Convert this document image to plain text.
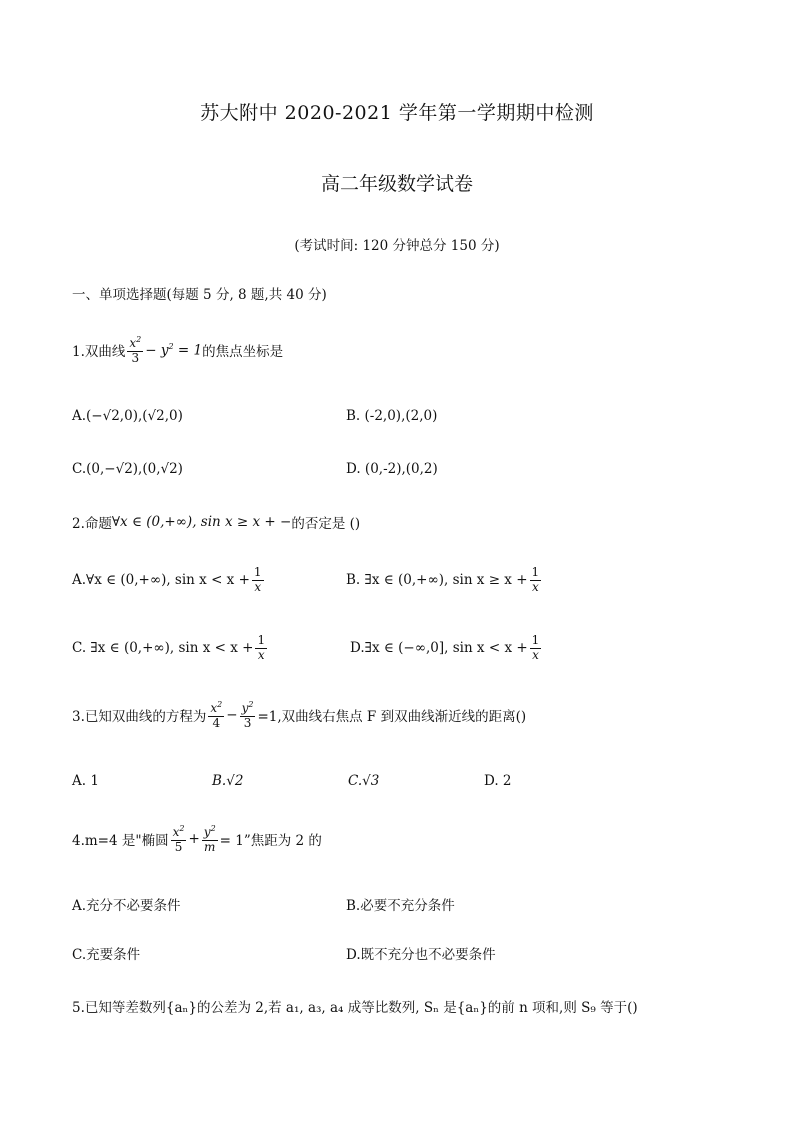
苏大附中 2020-2021 学年第一学期期中检测
高二年级数学试卷
(考试时间: 120 分钟总分 150 分)
一、单项选择题(每题 5 分, 8 题,共 40 分)
1.双曲线 $\frac{x^2}{3} - y^2 = 1$ 的焦点坐标是
A.(−√2,0),(√2,0)	B. (-2,0),(2,0)
C.(0,−√2),(0,√2)	D. (0,-2),(0,2)
2.命题 ∀x ∈ (0,+∞), sin x ≥ x + − 的否定是 ()
A.∀x ∈ (0,+∞), $\sin x < x + \frac{1}{x}$	B. ∃x ∈ (0,+∞), $\sin x \ge x + \frac{1}{x}$
C. ∃x ∈ (0,+∞), $\sin x < x + \frac{1}{x}$	D.∃x ∈ (−∞,0], $\sin x < x + \frac{1}{x}$
3.已知双曲线的方程为 $\frac{x^2}{4} - \frac{y^2}{3} =1$,双曲线右焦点 F 到双曲线渐近线的距离()
A. 1	B.√2	C.√3	D. 2
4.m=4 是"椭圆 $\frac{x^2}{5} + \frac{y^2}{m} = 1$”焦距为 2 的
A.充分不必要条件	B.必要不充分条件
C.充要条件	D.既不充分也不必要条件
5.已知等差数列{aₙ}的公差为 2,若 a₁, a₃, a₄ 成等比数列, Sₙ 是{aₙ}的前 n 项和,则 S₉ 等于()
